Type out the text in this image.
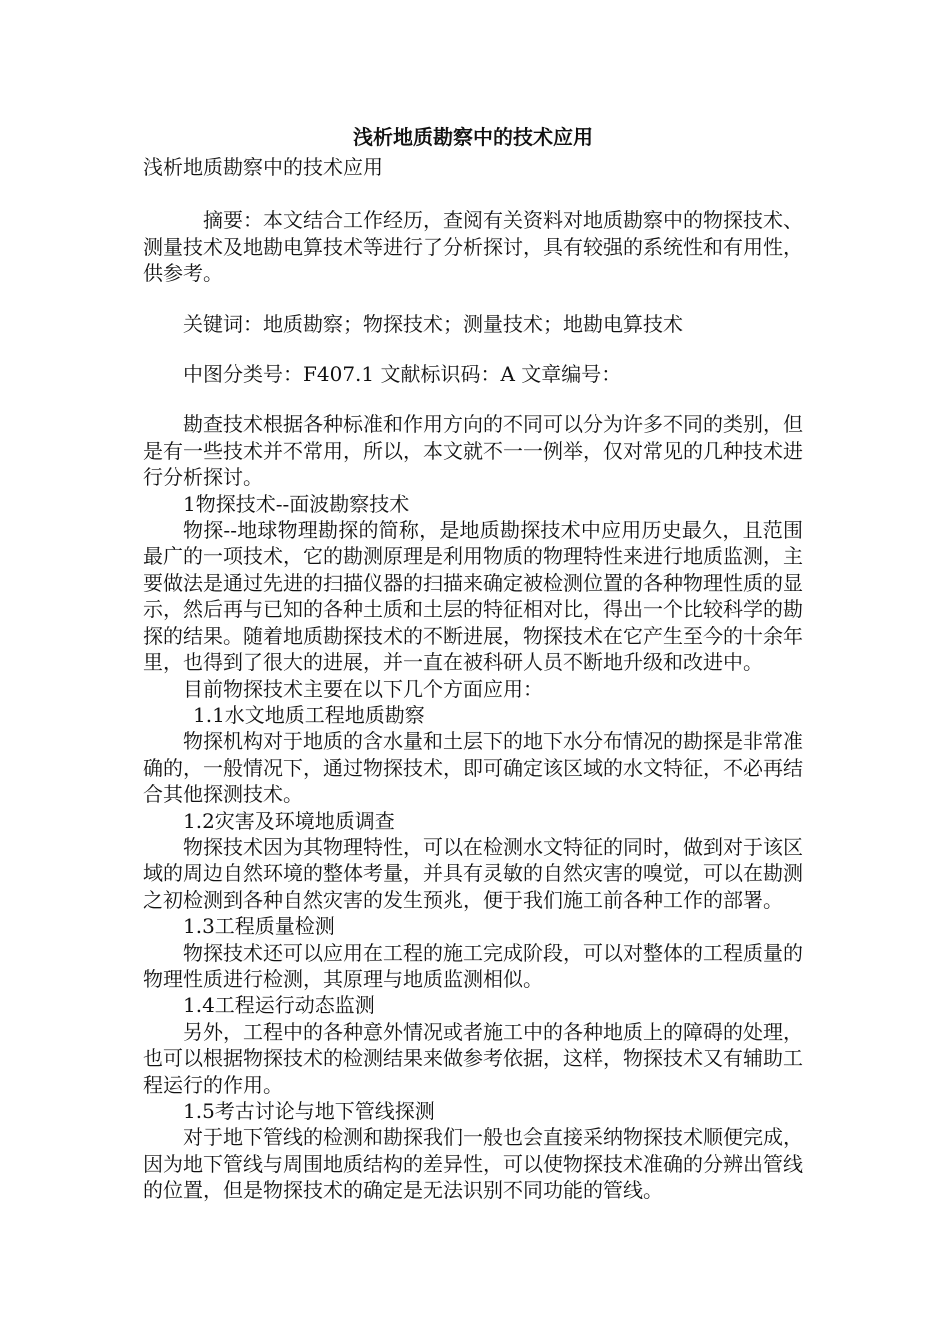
浅析地质勘察中的技术应用

浅析地质勘察中的技术应用

摘要：本文结合工作经历，查阅有关资料对地质勘察中的物探技术、测量技术及地勘电算技术等进行了分析探讨，具有较强的系统性和有用性，供参考。

关键词：地质勘察；物探技术；测量技术；地勘电算技术

中图分类号：F407.1 文献标识码：A 文章编号：

勘查技术根据各种标准和作用方向的不同可以分为许多不同的类别，但是有一些技术并不常用，所以，本文就不一一例举，仅对常见的几种技术进行分析探讨。

1物探技术--面波勘察技术

物探--地球物理勘探的简称，是地质勘探技术中应用历史最久，且范围最广的一项技术，它的勘测原理是利用物质的物理特性来进行地质监测，主要做法是通过先进的扫描仪器的扫描来确定被检测位置的各种物理性质的显示，然后再与已知的各种土质和土层的特征相对比，得出一个比较科学的勘探的结果。随着地质勘探技术的不断进展，物探技术在它产生至今的十余年里，也得到了很大的进展，并一直在被科研人员不断地升级和改进中。

目前物探技术主要在以下几个方面应用：

1.1水文地质工程地质勘察

物探机构对于地质的含水量和土层下的地下水分布情况的勘探是非常准确的，一般情况下，通过物探技术，即可确定该区域的水文特征，不必再结合其他探测技术。

1.2灾害及环境地质调查

物探技术因为其物理特性，可以在检测水文特征的同时，做到对于该区域的周边自然环境的整体考量，并具有灵敏的自然灾害的嗅觉，可以在勘测之初检测到各种自然灾害的发生预兆，便于我们施工前各种工作的部署。

1.3工程质量检测

物探技术还可以应用在工程的施工完成阶段，可以对整体的工程质量的物理性质进行检测，其原理与地质监测相似。

1.4工程运行动态监测

另外，工程中的各种意外情况或者施工中的各种地质上的障碍的处理，也可以根据物探技术的检测结果来做参考依据，这样，物探技术又有辅助工程运行的作用。

1.5考古讨论与地下管线探测

对于地下管线的检测和勘探我们一般也会直接采纳物探技术顺便完成，因为地下管线与周围地质结构的差异性，可以使物探技术准确的分辨出管线的位置，但是物探技术的确定是无法识别不同功能的管线。
